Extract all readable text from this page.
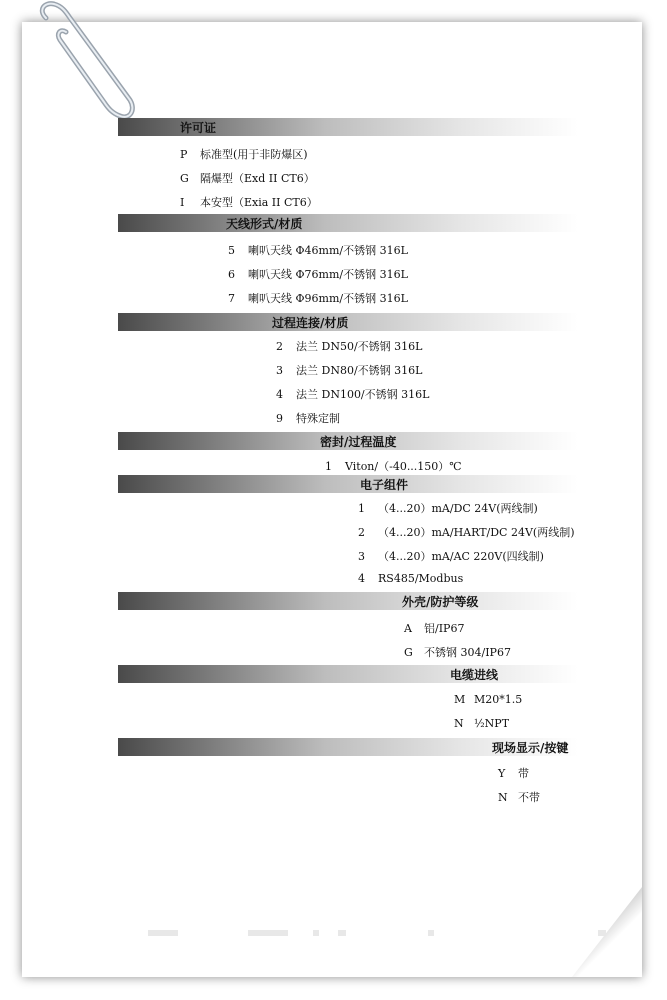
许可证
P 标准型(用于非防爆区)
G 隔爆型（Exd II CT6）
I 本安型（Exia II CT6）
天线形式/材质
5 喇叭天线 Φ46mm/不锈钢 316L
6 喇叭天线 Φ76mm/不锈钢 316L
7 喇叭天线 Φ96mm/不锈钢 316L
过程连接/材质
2 法兰 DN50/不锈钢 316L
3 法兰 DN80/不锈钢 316L
4 法兰 DN100/不锈钢 316L
9 特殊定制
密封/过程温度
1 Viton/（-40...150）℃
电子组件
1 （4...20）mA/DC 24V(两线制)
2 （4...20）mA/HART/DC 24V(两线制)
3 （4...20）mA/AC 220V(四线制)
4 RS485/Modbus
外壳/防护等级
A 铝/IP67
G 不锈钢 304/IP67
电缆进线
M M20*1.5
N ½NPT
现场显示/按键
Y 带
N 不带
